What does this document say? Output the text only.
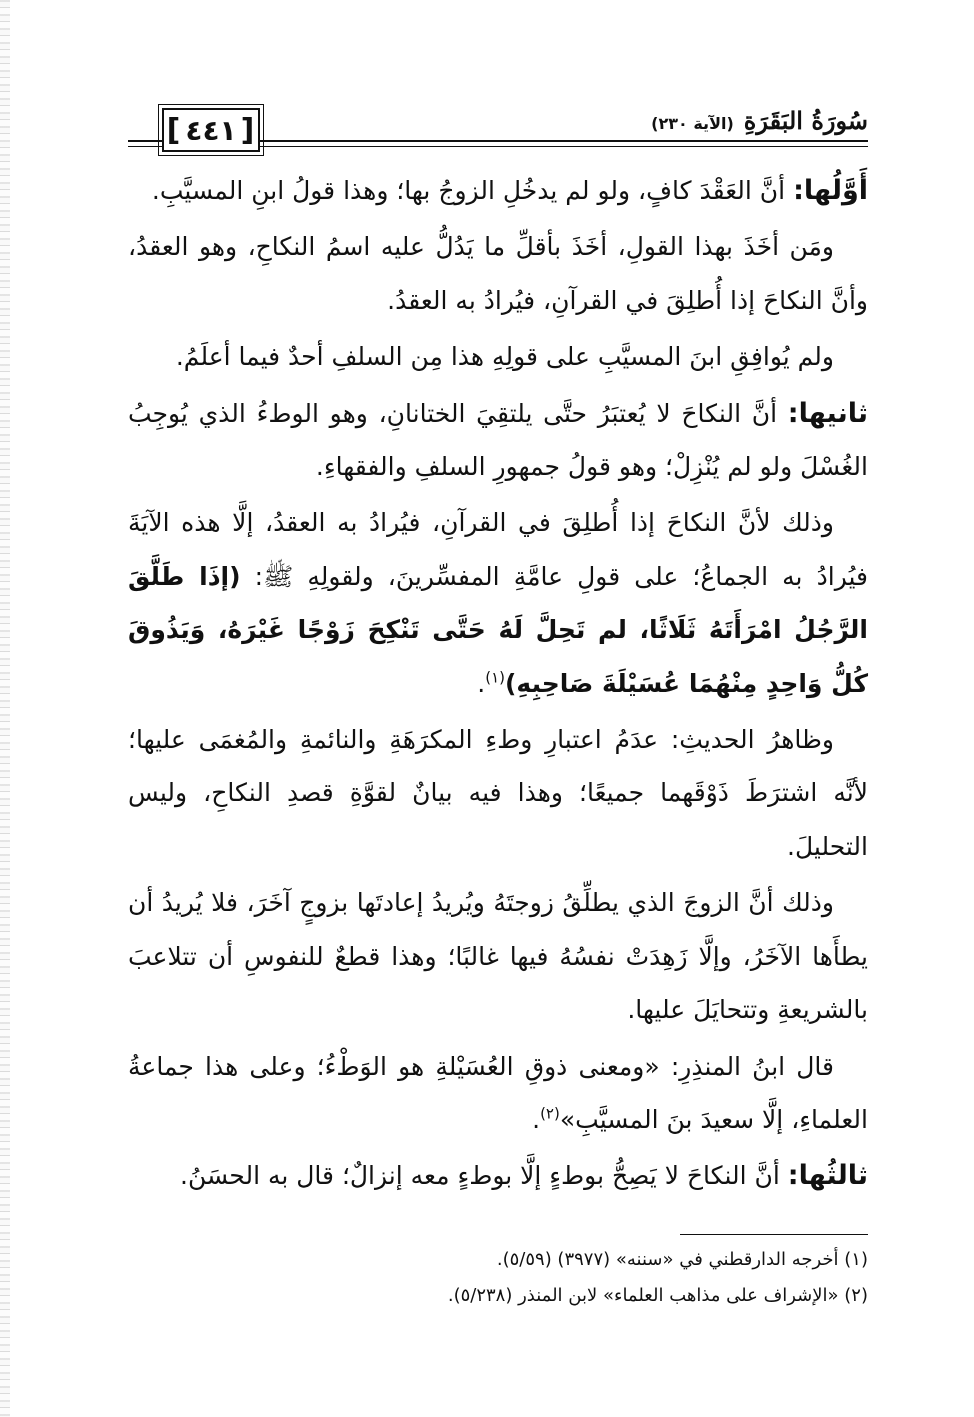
[ ٤٤١ ]	سُورَةُ البَقَرَةِ
(الآية ٢٣٠)

أَوَّلُها: أنَّ العَقْدَ كافٍ، ولو لم يدخُلِ الزوجُ بها؛ وهذا قولُ ابنِ المسيَّبِ.

ومَن أخَذَ بهذا القولِ، أخَذَ بأقلِّ ما يَدُلُّ عليه اسمُ النكاحِ، وهو العقدُ، وأنَّ النكاحَ إذا أُطلِقَ في القرآنِ، فيُرادُ به العقدُ.

ولم يُوافِقِ ابنَ المسيَّبِ على قولِهِ هذا مِن السلفِ أحدٌ فيما أعلَمُ.

ثانيها: أنَّ النكاحَ لا يُعتبَرُ حتَّى يلتقِيَ الختانانِ، وهو الوطءُ الذي يُوجِبُ الغُسْلَ ولو لم يُنْزِلْ؛ وهو قولُ جمهورِ السلفِ والفقهاءِ.

وذلك لأنَّ النكاحَ إذا أُطلِقَ في القرآنِ، فيُرادُ به العقدُ، إلَّا هذه الآيَةَ فيُرادُ به الجماعُ؛ على قولِ عامَّةِ المفسِّرينَ، ولقولِهِ ﷺ: (إذَا طَلَّقَ الرَّجُلُ امْرَأَتَهُ ثَلَاثًا، لم تَحِلَّ لَهُ حَتَّى تَنْكِحَ زَوْجًا غَيْرَهُ، وَيَذُوقَ كُلُّ وَاحِدٍ مِنْهُمَا عُسَيْلَةَ صَاحِبِهِ)$^{(١)}$.

وظاهرُ الحديثِ: عدَمُ اعتبارِ وطءِ المكرَهَةِ والنائمةِ والمُغمَى عليها؛ لأنَّه اشترَطَ ذَوْقَهما جميعًا؛ وهذا فيه بيانٌ لقوَّةِ قصدِ النكاحِ، وليس التحليلَ.

وذلك أنَّ الزوجَ الذي يطلِّقُ زوجتَهُ ويُريدُ إعادتَها بزوجٍ آخَرَ، فلا يُريدُ أن يطأَها الآخَرُ، وإلَّا زَهِدَتْ نفسُهُ فيها غالبًا؛ وهذا قطعٌ للنفوسِ أن تتلاعبَ بالشريعةِ وتتحايَلَ عليها.

قال ابنُ المنذِرِ: «ومعنى ذوقِ العُسَيْلةِ هو الوَطْءُ؛ وعلى هذا جماعةُ العلماءِ، إلَّا سعيدَ بنَ المسيَّبِ»$^{(٢)}$.

ثالثُها: أنَّ النكاحَ لا يَصِحُّ بوطءٍ إلَّا بوطءٍ معه إنزالٌ؛ قال به الحسَنُ.

(١) أخرجه الدارقطني في «سننه» (٣٩٧٧) (٥/٥٩).
(٢) «الإشراف على مذاهب العلماء» لابن المنذر (٥/٢٣٨).
